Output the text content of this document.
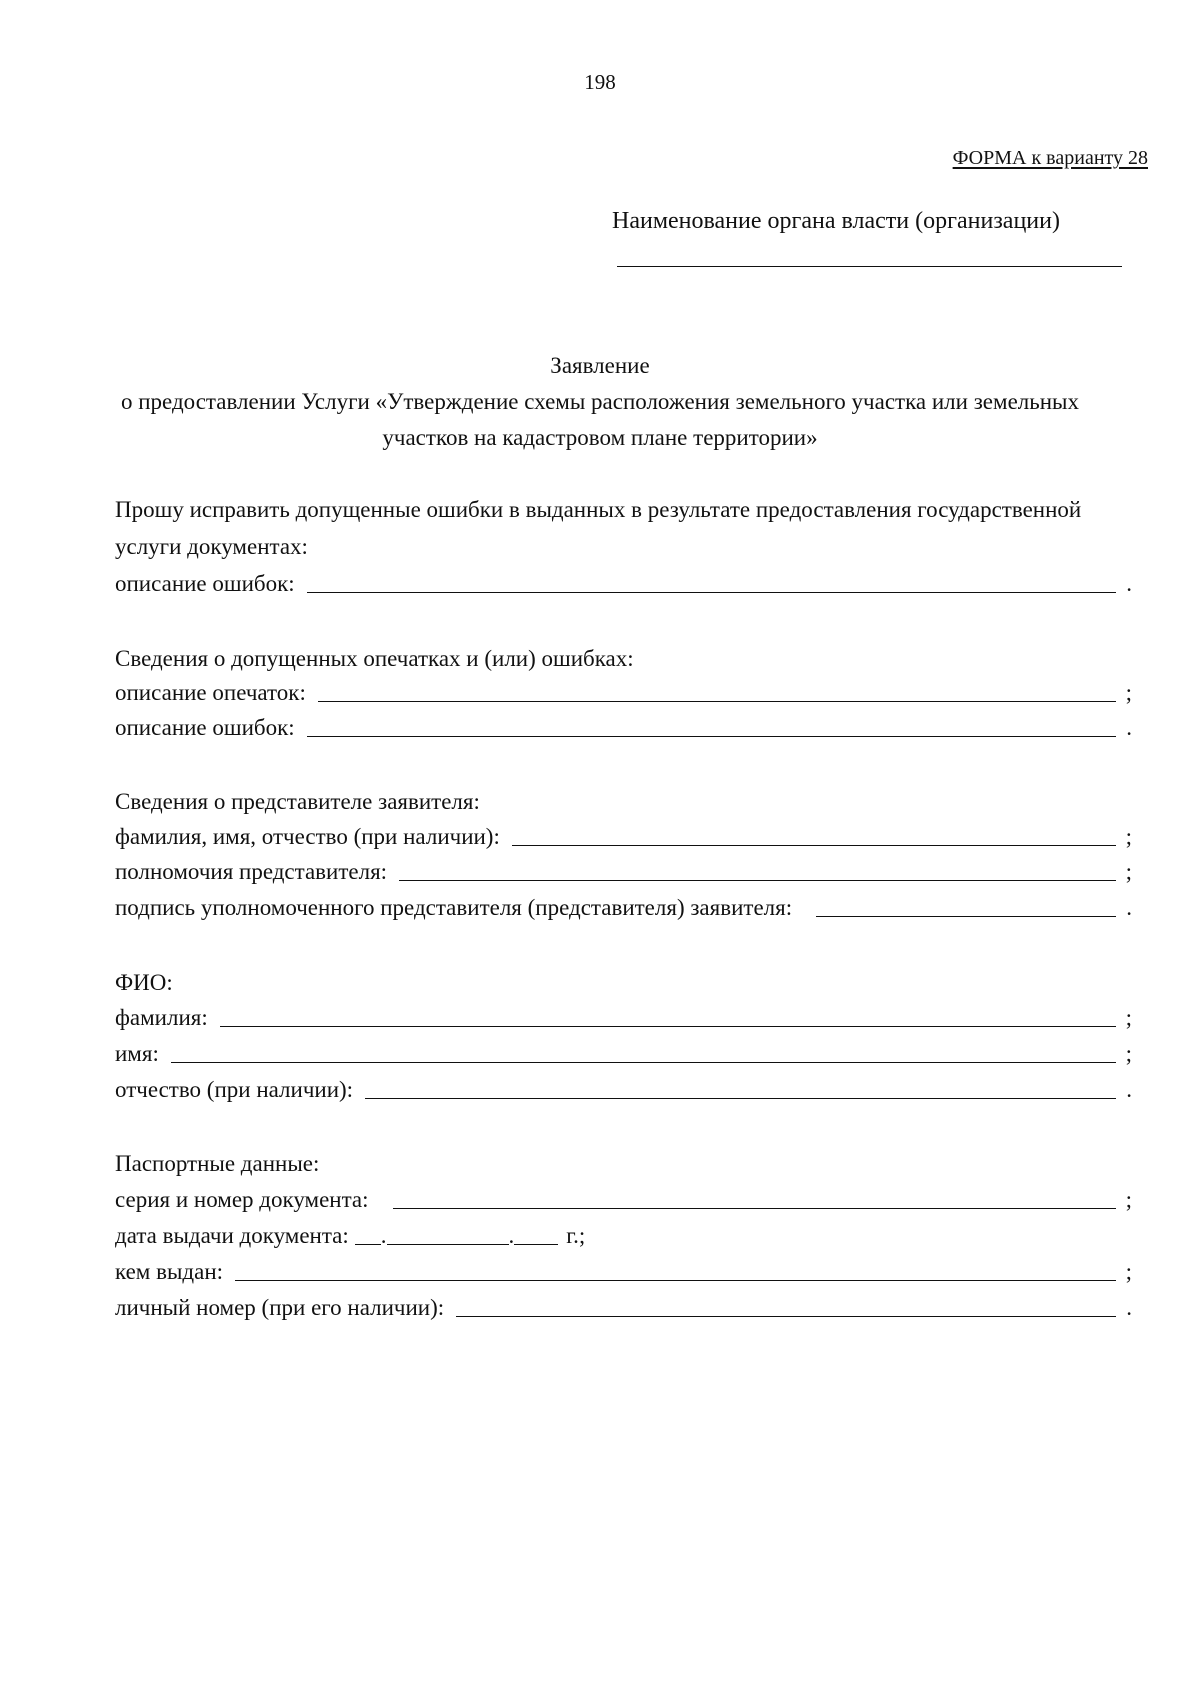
198
ФОРМА к варианту 28
Наименование органа власти (организации)
Заявление
о предоставлении Услуги «Утверждение схемы расположения земельного участка или земельных
участков на кадастровом плане территории»
Прошу исправить допущенные ошибки в выданных в результате предоставления государственной услуги документах:
описание ошибок:	.
Сведения о допущенных опечатках и (или) ошибках:
описание опечаток:	;
описание ошибок:	.
Сведения о представителе заявителя:
фамилия, имя, отчество (при наличии):	;
полномочия представителя:	;
подпись уполномоченного представителя (представителя) заявителя:	.
ФИО:
фамилия:	;
имя:	;
отчество (при наличии):	.
Паспортные данные:
серия и номер документа:	;
дата выдачи документа: .	.	г.;
кем выдан:	;
личный номер (при его наличии):	.
